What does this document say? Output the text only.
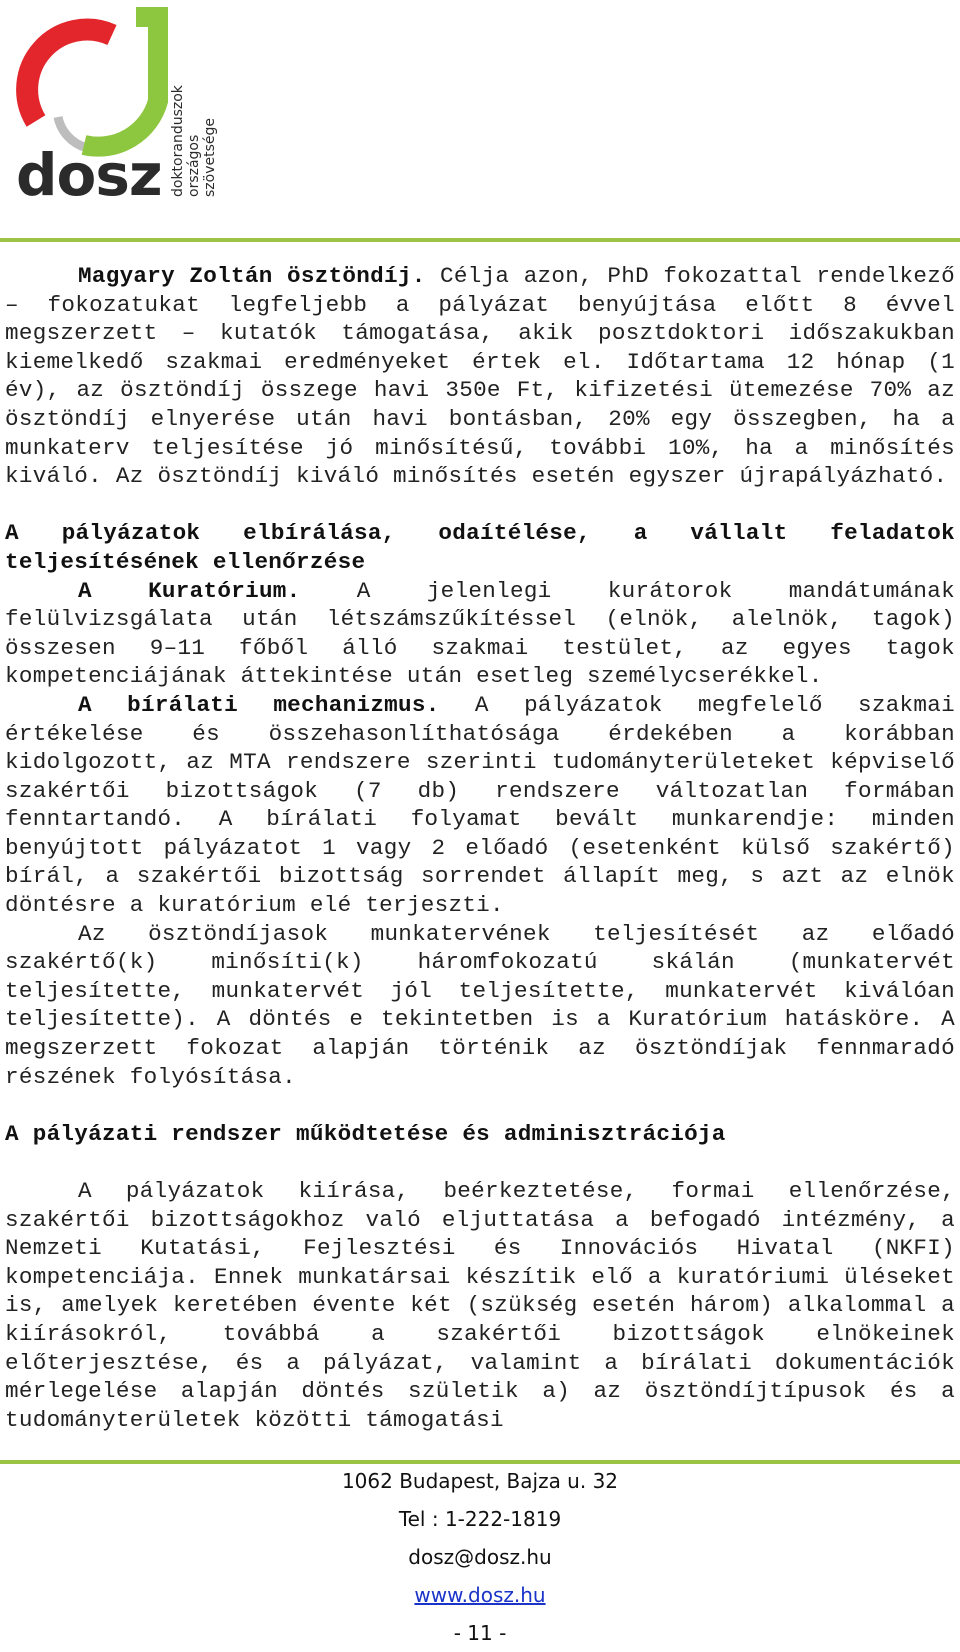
dosz doktoranduszok országos szövetsége

Magyary Zoltán ösztöndíj. Célja azon, PhD fokozattal rendelkező – fokozatukat legfeljebb a pályázat benyújtása előtt 8 évvel megszerzett – kutatók támogatása, akik posztdoktori időszakukban kiemelkedő szakmai eredményeket értek el. Időtartama 12 hónap (1 év), az ösztöndíj összege havi 350e Ft, kifizetési ütemezése 70% az ösztöndíj elnyerése után havi bontásban, 20% egy összegben, ha a munkaterv teljesítése jó minősítésű, további 10%, ha a minősítés kiváló. Az ösztöndíj kiváló minősítés esetén egyszer újrapályázható.

A pályázatok elbírálása, odaítélése, a vállalt feladatok teljesítésének ellenőrzése

A Kuratórium. A jelenlegi kurátorok mandátumának felülvizsgálata után létszámszűkítéssel (elnök, alelnök, tagok) összesen 9–11 főből álló szakmai testület, az egyes tagok kompetenciájának áttekintése után esetleg személycserékkel.

A bírálati mechanizmus. A pályázatok megfelelő szakmai értékelése és összehasonlíthatósága érdekében a korábban kidolgozott, az MTA rendszere szerinti tudományterületeket képviselő szakértői bizottságok (7 db) rendszere változatlan formában fenntartandó. A bírálati folyamat bevált munkarendje: minden benyújtott pályázatot 1 vagy 2 előadó (esetenként külső szakértő) bírál, a szakértői bizottság sorrendet állapít meg, s azt az elnök döntésre a kuratórium elé terjeszti.

Az ösztöndíjasok munkatervének teljesítését az előadó szakértő(k) minősíti(k) háromfokozatú skálán (munkatervét teljesítette, munkatervét jól teljesítette, munkatervét kiválóan teljesítette). A döntés e tekintetben is a Kuratórium hatásköre. A megszerzett fokozat alapján történik az ösztöndíjak fennmaradó részének folyósítása.

A pályázati rendszer működtetése és adminisztrációja

A pályázatok kiírása, beérkeztetése, formai ellenőrzése, szakértői bizottságokhoz való eljuttatása a befogadó intézmény, a Nemzeti Kutatási, Fejlesztési és Innovációs Hivatal (NKFI) kompetenciája. Ennek munkatársai készítik elő a kuratóriumi üléseket is, amelyek keretében évente két (szükség esetén három) alkalommal a kiírásokról, továbbá a szakértői bizottságok elnökeinek előterjesztése, és a pályázat, valamint a bírálati dokumentációk mérlegelése alapján döntés születik a) az ösztöndíjtípusok és a tudományterületek közötti támogatási

1062 Budapest, Bajza u. 32
Tel : 1-222-1819
dosz@dosz.hu
www.dosz.hu
- 11 -
